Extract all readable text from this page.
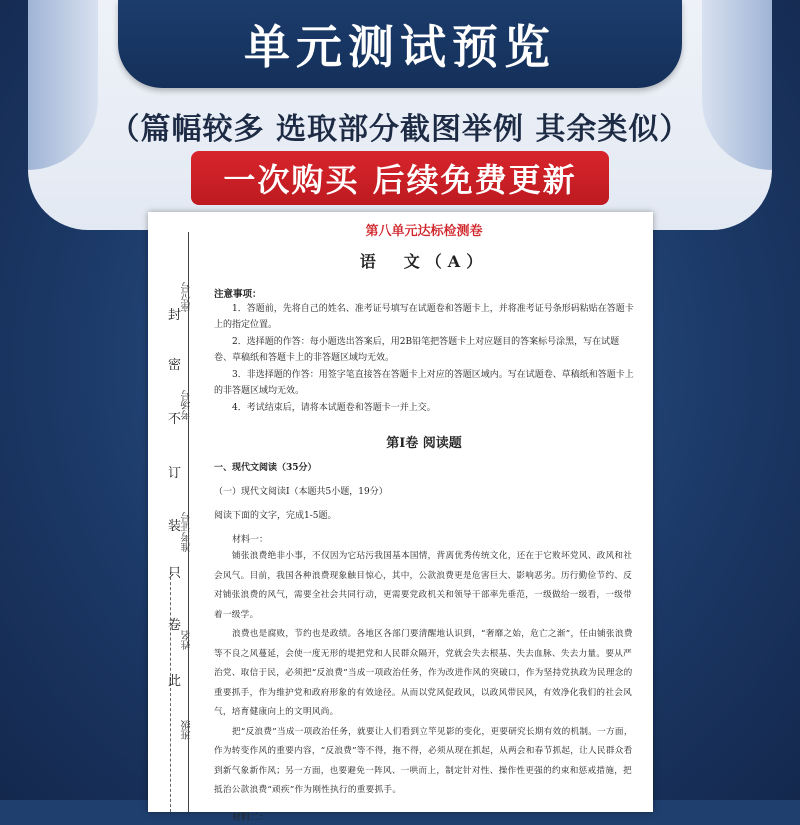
单元测试预览
（篇幅较多 选取部分截图举例 其余类似）
一次购买 后续免费更新
封
密
不
订
装
只
卷
此
座位号
考场号
准考证号
姓名
班级
第八单元达标检测卷
语　文（A）
注意事项：
1．答题前，先将自己的姓名、准考证号填写在试题卷和答题卡上，并将准考证号条形码粘贴在答题卡上的指定位置。
2．选择题的作答：每小题选出答案后，用2B铅笔把答题卡上对应题目的答案标号涂黑，写在试题卷、草稿纸和答题卡上的非答题区域均无效。
3．非选择题的作答：用签字笔直接答在答题卡上对应的答题区域内。写在试题卷、草稿纸和答题卡上的非答题区域均无效。
4．考试结束后，请将本试题卷和答题卡一并上交。
第Ⅰ卷 阅读题
一、现代文阅读（35分）
（一）现代文阅读Ⅰ（本题共5小题，19分）
阅读下面的文字，完成1-5题。
材料一：
铺张浪费绝非小事，不仅因为它玷污我国基本国情，背离优秀传统文化，还在于它败坏党风、政风和社会风气。目前，我国各种浪费现象触目惊心，其中，公款浪费更是危害巨大、影响恶劣。历行勤俭节约、反对铺张浪费的风气，需要全社会共同行动，更需要党政机关和领导干部率先垂范，一级做给一级看，一级带着一级学。
浪费也是腐败，节约也是政绩。各地区各部门要清醒地认识到，“奢靡之始，危亡之渐”，任由铺张浪费等不良之风蔓延，会使一度无形的堤把党和人民群众隔开，党就会失去根基、失去血脉、失去力量。要从严治党、取信于民，必须把“反浪费”当成一项政治任务，作为改进作风的突破口，作为坚持党执政为民理念的重要抓手，作为维护党和政府形象的有效途径。从而以党风促政风，以政风带民风，有效净化我们的社会风气，培育健康向上的文明风尚。
把“反浪费”当成一项政治任务，就要让人们看到立竿见影的变化，更要研究长期有效的机制。一方面，作为转变作风的重要内容，“反浪费”等不得，拖不得，必须从现在抓起，从两会和春节抓起，让人民群众看到新气象新作风；另一方面，也要避免一阵风、一哄而上，制定针对性、操作性更强的约束和惩戒措施，把抵治公款浪费“顽疾”作为刚性执行的重要抓手。
材料二：
